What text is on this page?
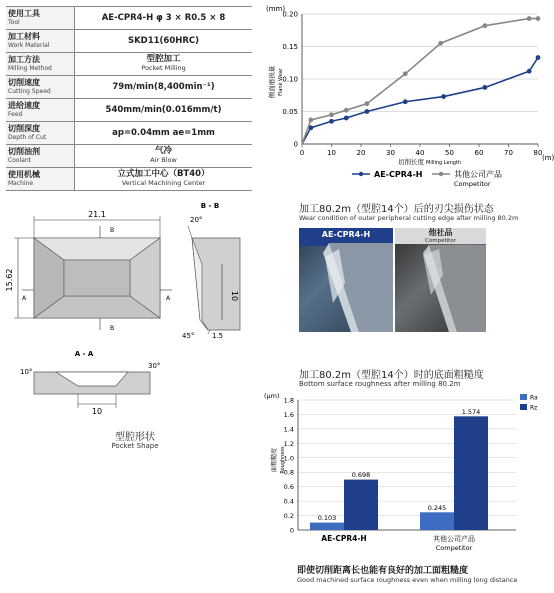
使用工具
Tool	AE-CPR4-H φ 3 × R0.5 × 8

加工材料
Work Material	SKD11(60HRC)

加工方法
Milling Method	型腔加工
Pocket Milling

切削速度
Cutting Speed	79m/min(8,400min⁻¹)

进给速度
Feed	540mm/min(0.016mm/t)

切削深度
Depth of Cut	ap=0.04mm ae=1mm

切削油剂
Coolant	气冷
Air Blow

使用机械
Machine	立式加工中心（BT40）
Vertical Machining Center
0
0.05
0.10
0.15
0.20
0	10	20	30	40	50	60	70	80
(mm)
(m)
侧面磨损量 Flank Wear
切削长度 Milling Length
AE-CPR4-H	其他公司产品
Competitor
21.1
15.62
B
B
A	A
B - B
20°
10
45°	1.5
A - A
10°
30°
10
型腔形状
Pocket Shape
加工80.2m（型腔14个）后的刃尖损伤状态
Wear condition of outer peripheral cutting edge after milling 80.2m
AE-CPR4-H	他社品
Competitor
加工80.2m（型腔14个）时的底面粗糙度
Bottom surface roughness after milling 80.2m
0
0.2
0.4
0.6
0.8
1.0
1.2
1.4
1.6
1.8
(μm)
面粗糙度 Roughness
0.103
0.245
0.698
1.574
AE-CPR4-H	其他公司产品
Competitor
Ra
Rz
即使切削距离长也能有良好的加工面粗糙度
Good machined surface roughness even when milling long distance
